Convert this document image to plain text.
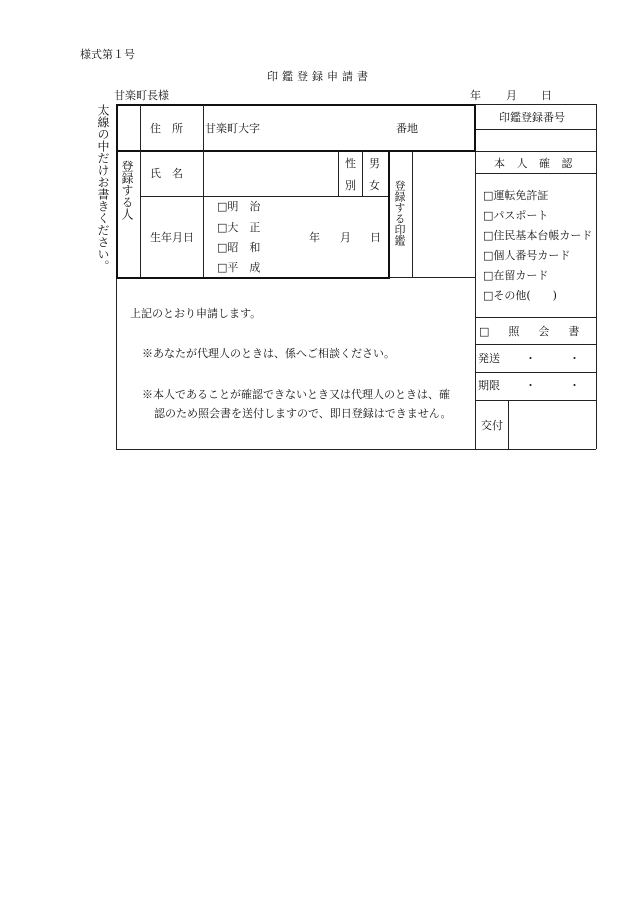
様式第１号
印鑑登録申請書
甘楽町長様	年 月 日
太線の中だけお書きください。 登録する人
住　所 甘楽町大字	番地
氏　名
性
別
男
女
生年月日
□明　治
□大　正
□昭　和
□平　成
年 月 日 登録する印鑑
印鑑登録番号
本 人 確 認
□運転免許証
□パスポート
□住民基本台帳カード
□個人番号カード
□在留カード
□その他(　　)
□　照　会　書
発送 ・　　　・
期限 ・　　　・
交付
上記のとおり申請します。
※あなたが代理人のときは、係へご相談ください。
※本人であることが確認できないとき又は代理人のときは、確
認のため照会書を送付しますので、即日登録はできません。
